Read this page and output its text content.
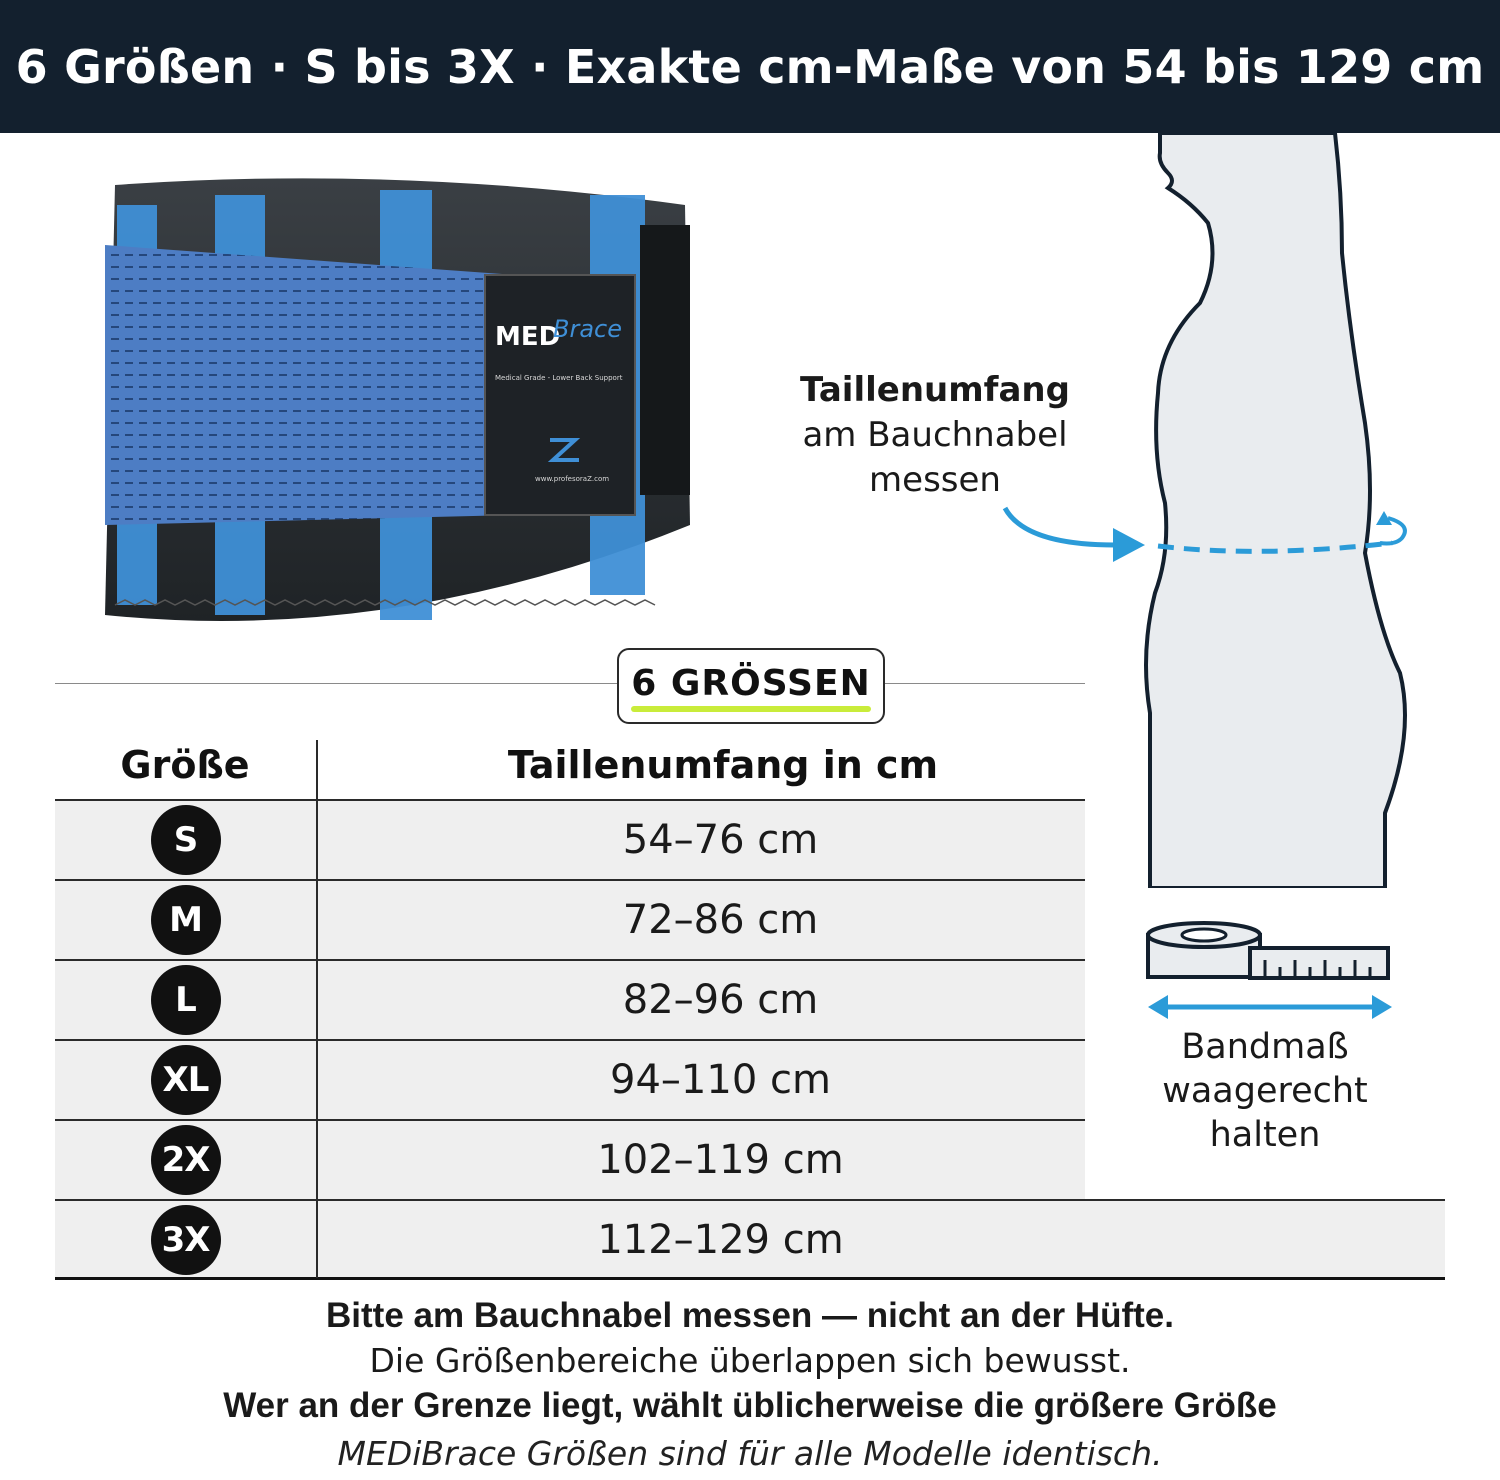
6 Größen · S bis 3X · Exakte cm-Maße von 54 bis 129 cm
MED
Brace
Medical Grade - Lower Back Support
www.profesoraZ.com
Taillenumfang
am Bauchnabel
messen
Bandmaß
waagerecht
halten
6 GRÖSSEN
Größe	Taillenumfang in cm
S	54–76 cm
M	72–86 cm
L	82–96 cm
XL	94–110 cm
2X	102–119 cm
3X	112–129 cm
Bitte am Bauchnabel messen — nicht an der Hüfte.
Die Größenbereiche überlappen sich bewusst.
Wer an der Grenze liegt, wählt üblicherweise die größere Größe
MEDiBrace Größen sind für alle Modelle identisch.
